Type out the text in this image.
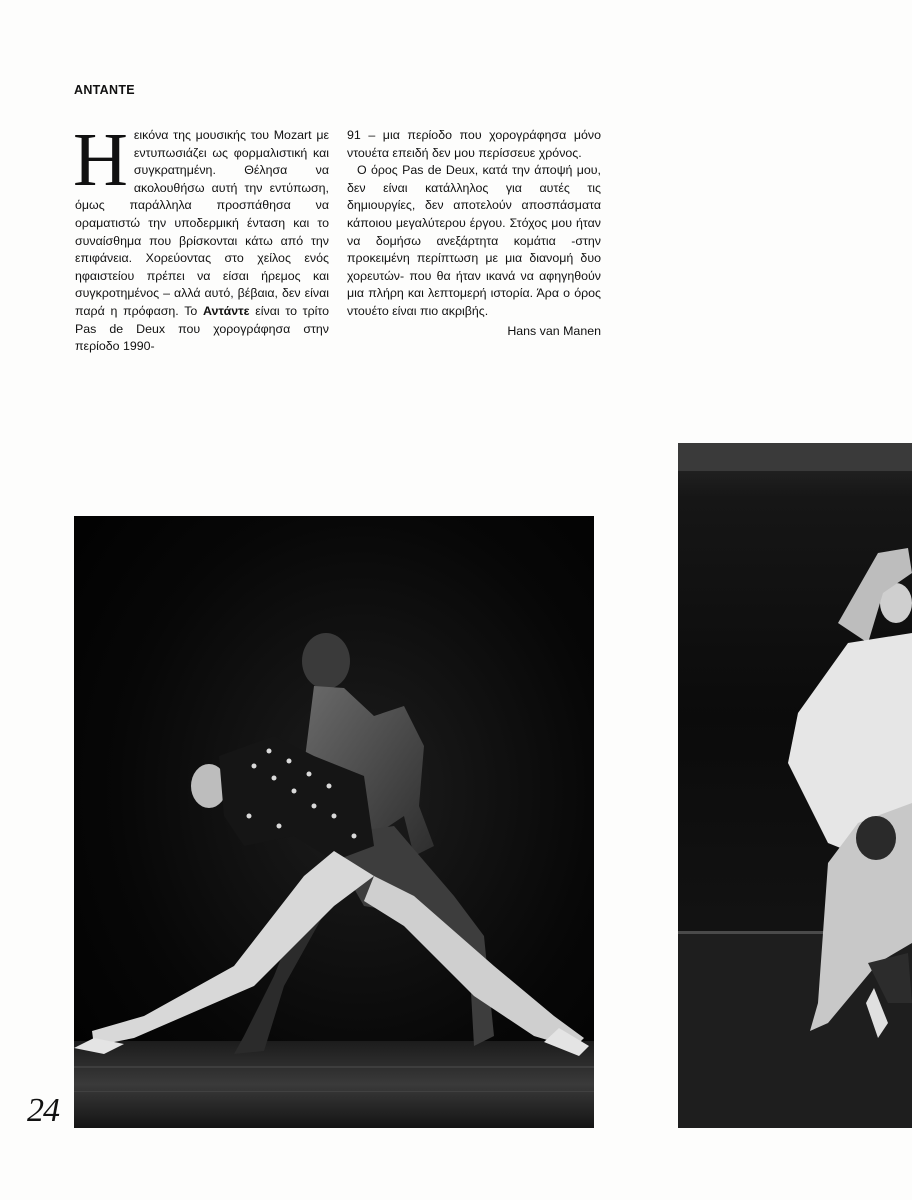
ANTANTE

Ηεικόνα της μουσικής του Mozart με εντυπωσιάζει ως φορμαλιστική και συγκρατημένη. Θέλησα να ακολουθήσω αυτή την εντύπωση, όμως παράλληλα προσπάθησα να οραματιστώ την υποδερμική ένταση και το συναίσθημα που βρίσκονται κάτω από την επιφάνεια. Χορεύοντας στο χείλος ενός ηφαιστείου πρέπει να είσαι ήρεμος και συγκροτημένος – αλλά αυτό, βέβαια, δεν είναι παρά η πρόφαση. Το Αντάντε είναι το τρίτο Pas de Deux που χορογράφησα στην περίοδο 1990-

91 – μια περίοδο που χορογράφησα μόνο ντουέτα επειδή δεν μου περίσσευε χρόνος.

Ο όρος Pas de Deux, κατά την άποψή μου, δεν είναι κατάλληλος για αυτές τις δημιουργίες, δεν αποτελούν αποσπάσματα κάποιου μεγαλύτερου έργου. Στόχος μου ήταν να δομήσω ανεξάρτητα κομάτια -στην προκειμένη περίπτωση με μια διανομή δυο χορευτών- που θα ήταν ικανά να αφηγηθούν μια πλήρη και λεπτομερή ιστορία. Άρα ο όρος ντουέτο είναι πιο ακριβής.

Hans van Manen
24
